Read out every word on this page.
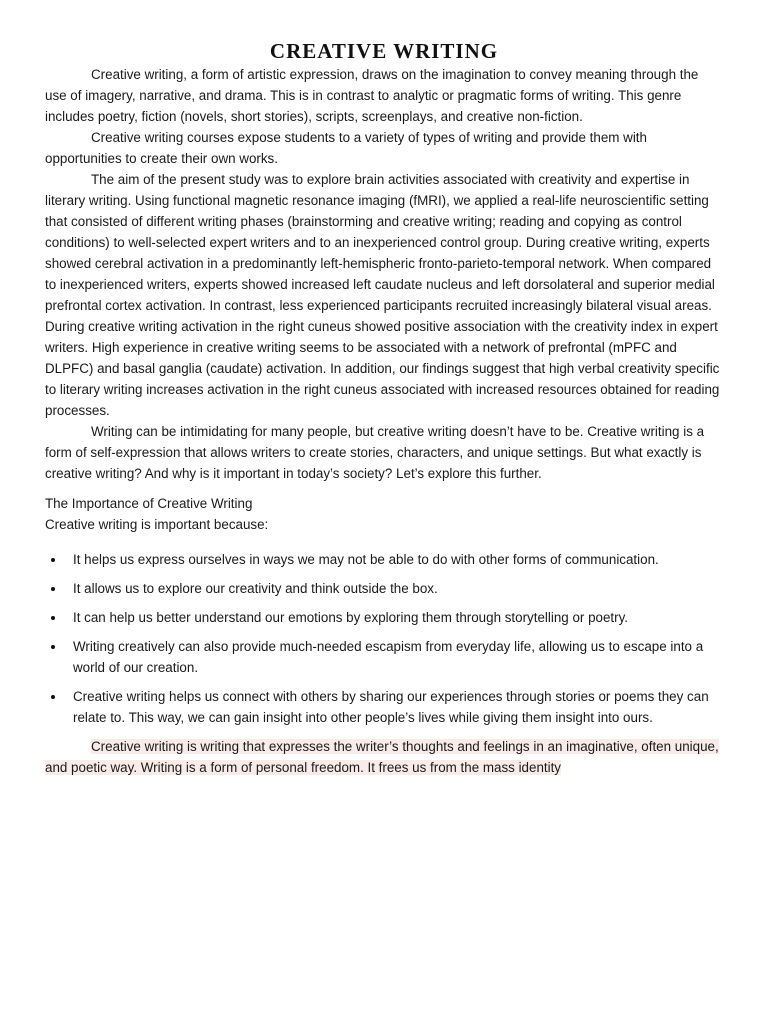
CREATIVE WRITING

Creative writing, a form of artistic expression, draws on the imagination to convey meaning through the use of imagery, narrative, and drama. This is in contrast to analytic or pragmatic forms of writing. This genre includes poetry, fiction (novels, short stories), scripts, screenplays, and creative non-fiction.

Creative writing courses expose students to a variety of types of writing and provide them with opportunities to create their own works.

The aim of the present study was to explore brain activities associated with creativity and expertise in literary writing. Using functional magnetic resonance imaging (fMRI), we applied a real-life neuroscientific setting that consisted of different writing phases (brainstorming and creative writing; reading and copying as control conditions) to well-selected expert writers and to an inexperienced control group. During creative writing, experts showed cerebral activation in a predominantly left-hemispheric fronto-parieto-temporal network. When compared to inexperienced writers, experts showed increased left caudate nucleus and left dorsolateral and superior medial prefrontal cortex activation. In contrast, less experienced participants recruited increasingly bilateral visual areas. During creative writing activation in the right cuneus showed positive association with the creativity index in expert writers. High experience in creative writing seems to be associated with a network of prefrontal (mPFC and DLPFC) and basal ganglia (caudate) activation. In addition, our findings suggest that high verbal creativity specific to literary writing increases activation in the right cuneus associated with increased resources obtained for reading processes.

Writing can be intimidating for many people, but creative writing doesn’t have to be. Creative writing is a form of self-expression that allows writers to create stories, characters, and unique settings. But what exactly is creative writing? And why is it important in today’s society? Let’s explore this further.

The Importance of Creative Writing
Creative writing is important because:
It helps us express ourselves in ways we may not be able to do with other forms of communication.
It allows us to explore our creativity and think outside the box.
It can help us better understand our emotions by exploring them through storytelling or poetry.
Writing creatively can also provide much-needed escapism from everyday life, allowing us to escape into a world of our creation.
Creative writing helps us connect with others by sharing our experiences through stories or poems they can relate to. This way, we can gain insight into other people’s lives while giving them insight into ours.

Creative writing is writing that expresses the writer’s thoughts and feelings in an imaginative, often unique, and poetic way. Writing is a form of personal freedom. It frees us from the mass identity
